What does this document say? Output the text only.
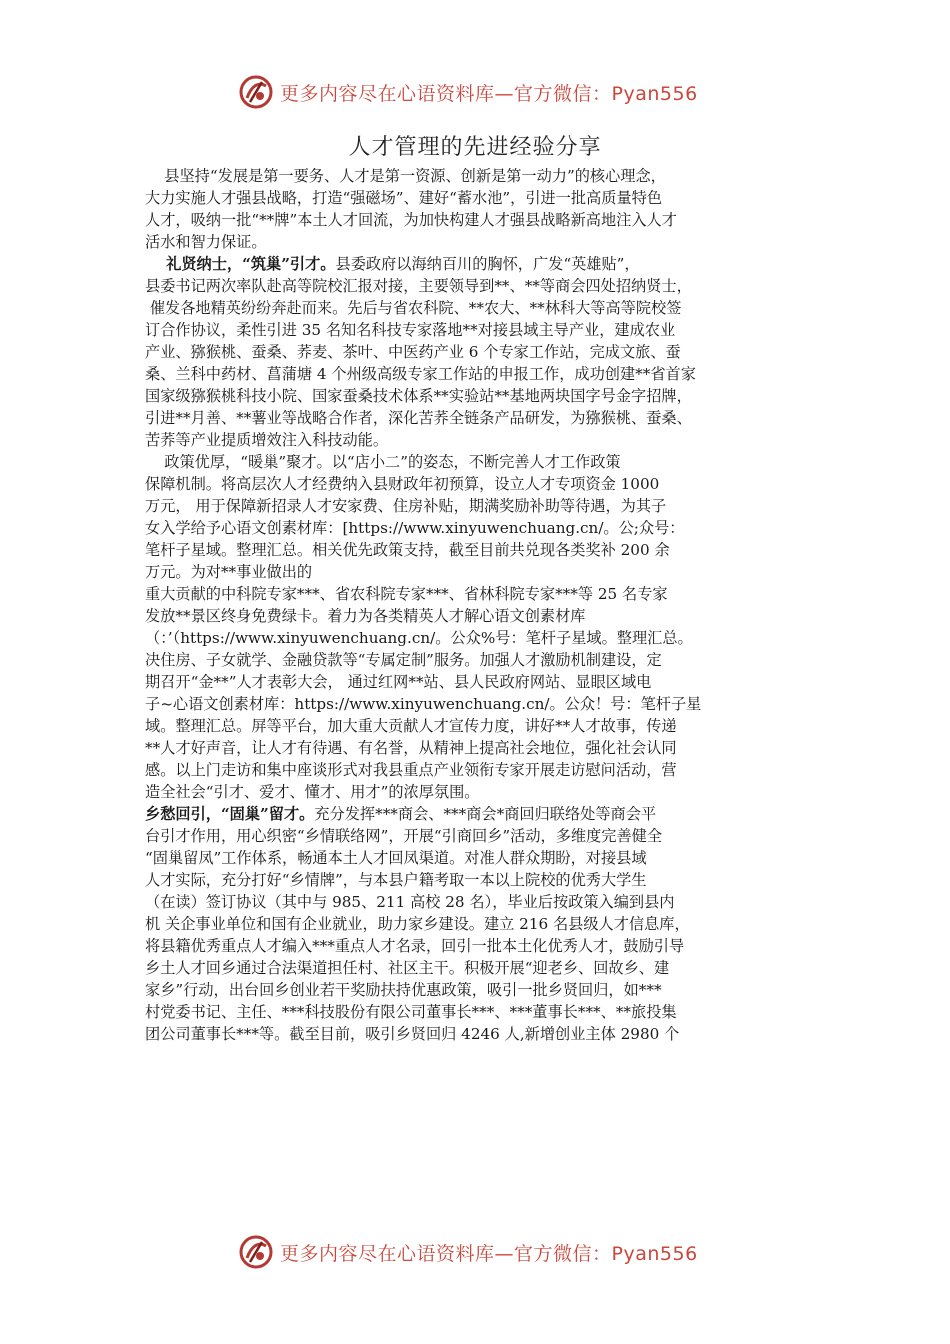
更多内容尽在心语资料库—官方微信：Pyan556
人才管理的先进经验分享
县坚持“发展是第一要务、人才是第一资源、创新是第一动力”的核心理念，
大力实施人才强县战略，打造“强磁场”、建好“蓄水池”，引进一批高质量特色
人才，吸纳一批“**牌”本土人才回流，为加快构建人才强县战略新高地注入人才
活水和智力保证。
礼贤纳士，“筑巢”引才。县委政府以海纳百川的胸怀，广发“英雄贴”，
县委书记两次率队赴高等院校汇报对接，主要领导到**、**等商会四处招纳贤士，
催发各地精英纷纷奔赴而来。先后与省农科院、**农大、**林科大等高等院校签
订合作协议，柔性引进 35 名知名科技专家落地**对接县域主导产业，建成农业
产业、猕猴桃、蚕桑、荞麦、茶叶、中医药产业 6 个专家工作站，完成文旅、蚕
桑、兰科中药材、菖蒲塘 4 个州级高级专家工作站的申报工作，成功创建**省首家
国家级猕猴桃科技小院、国家蚕桑技术体系**实验站**基地两块国字号金字招牌，
引进**月善、**薯业等战略合作者，深化苦荞全链条产品研发，为猕猴桃、蚕桑、
苦荞等产业提质增效注入科技动能。
政策优厚，“暖巢”聚才。以“店小二”的姿态，不断完善人才工作政策
保障机制。将高层次人才经费纳入县财政年初预算，设立人才专项资金 1000
万元， 用于保障新招录人才安家费、住房补贴，期满奖励补助等待遇，为其子
女入学给予心语文创素材库：[https://www.xinyuwenchuang.cn/。公;众号：
笔杆子星域。整理汇总。相关优先政策支持，截至目前共兑现各类奖补 200 余
万元。为对**事业做出的
重大贡献的中科院专家***、省农科院专家***、省林科院专家***等 25 名专家
发放**景区终身免费绿卡。着力为各类精英人才解心语文创素材库
（：’（https://www.xinyuwenchuang.cn/。公众%号：笔杆子星域。整理汇总。
决住房、子女就学、金融贷款等“专属定制”服务。加强人才激励机制建设，定
期召开“金**”人才表彰大会， 通过红网**站、县人民政府网站、显眼区域电
子~心语文创素材库：https://www.xinyuwenchuang.cn/。公众！号：笔杆子星
域。整理汇总。屏等平台，加大重大贡献人才宣传力度，讲好**人才故事，传递
**人才好声音，让人才有待遇、有名誉，从精神上提高社会地位，强化社会认同
感。以上门走访和集中座谈形式对我县重点产业领衔专家开展走访慰问活动，营
造全社会“引才、爱才、懂才、用才”的浓厚氛围。
乡愁回引，“固巢”留才。充分发挥***商会、***商会*商回归联络处等商会平
台引才作用，用心织密“乡情联络网”，开展“引商回乡”活动，多维度完善健全
“固巢留凤”工作体系，畅通本土人才回凤渠道。对准人群众期盼，对接县域
人才实际，充分打好“乡情牌”，与本县户籍考取一本以上院校的优秀大学生
（在读）签订协议（其中与 985、211 高校 28 名），毕业后按政策入编到县内
机 关企事业单位和国有企业就业，助力家乡建设。建立 216 名县级人才信息库，
将县籍优秀重点人才编入***重点人才名录，回引一批本土化优秀人才，鼓励引导
乡土人才回乡通过合法渠道担任村、社区主干。积极开展“迎老乡、回故乡、建
家乡”行动，出台回乡创业若干奖励扶持优惠政策，吸引一批乡贤回归，如***
村党委书记、主任、***科技股份有限公司董事长***、***董事长***、**旅投集
团公司董事长***等。截至目前，吸引乡贤回归 4246 人,新增创业主体 2980 个
更多内容尽在心语资料库—官方微信：Pyan556
